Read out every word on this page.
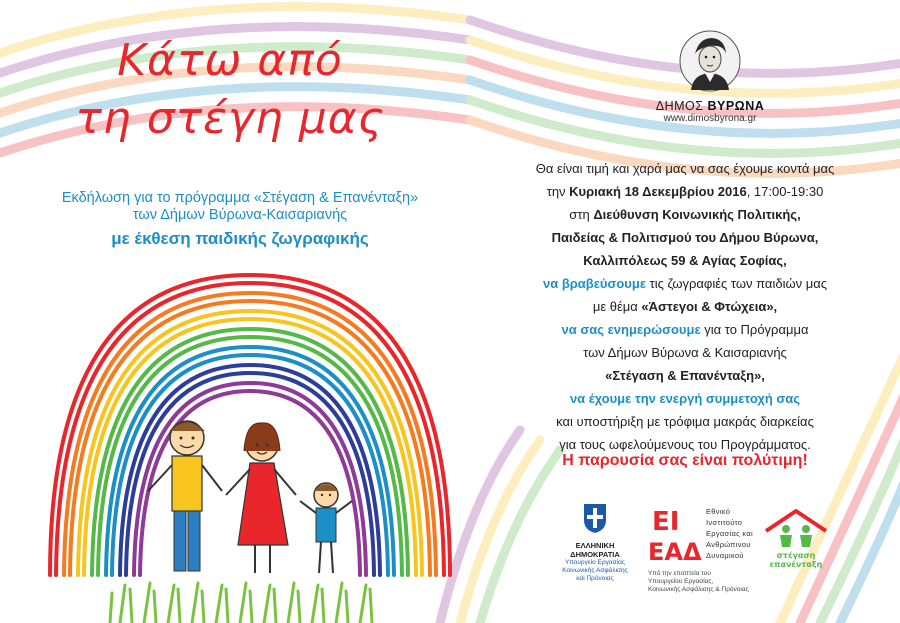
Κάτω από
τη στέγη μας
Εκδήλωση για το πρόγραμμα «Στέγαση & Επανένταξη»
των Δήμων Βύρωνα-Καισαριανής
με έκθεση παιδικής ζωγραφικής
ΔΗΜΟΣ ΒΥΡΩΝΑ
www.dimosbyrona.gr
Θα είναι τιμή και χαρά μας να σας έχουμε κοντά μας
την Κυριακή 18 Δεκεμβρίου 2016, 17:00-19:30
στη Διεύθυνση Κοινωνικής Πολιτικής,
Παιδείας & Πολιτισμού του Δήμου Βύρωνα,
Καλλιπόλεως 59 & Αγίας Σοφίας,
να βραβεύσουμε τις ζωγραφιές των παιδιών μας
με θέμα «Άστεγοι & Φτώχεια»,
να σας ενημερώσουμε για το Πρόγραμμα
των Δήμων Βύρωνα & Καισαριανής
«Στέγαση & Επανένταξη»,
να έχουμε την ενεργή συμμετοχή σας
και υποστήριξη με τρόφιμα μακράς διαρκείας
για τους ωφελούμενους του Προγράμματος.
Η παρουσία σας είναι πολύτιμη!
ΕΛΛΗΝΙΚΗ ΔΗΜΟΚΡΑΤΙΑ
Υπουργείο Εργασίας
Κοινωνικής Ασφάλισης
και Πρόνοιας
ΕΙ
ΕΑΔ
Εθνικό
Ινστιτούτο
Εργασίας και
Ανθρώπινου
Δυναμικού
Υπό την εποπτεία του
Υπουργείου Εργασίας,
Κοινωνικής Ασφάλισης & Πρόνοιας
στέγαση
επανένταξη
